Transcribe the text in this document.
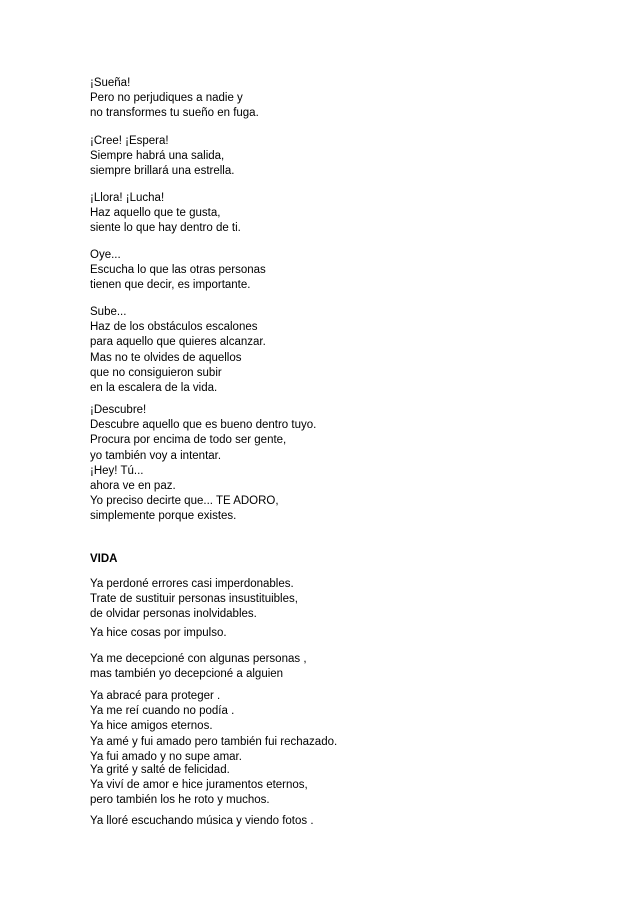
¡Sueña!
Pero no perjudiques a nadie y
no transformes tu sueño en fuga.
¡Cree! ¡Espera!
Siempre habrá una salida,
siempre brillará una estrella.
¡Llora! ¡Lucha!
Haz aquello que te gusta,
siente lo que hay dentro de ti.
Oye...
Escucha lo que las otras personas
tienen que decir, es importante.
Sube...
Haz de los obstáculos escalones
para aquello que quieres alcanzar.
Mas no te olvides de aquellos
que no consiguieron subir
en la escalera de la vida.
¡Descubre!
Descubre aquello que es bueno dentro tuyo.
Procura por encima de todo ser gente,
yo también voy a intentar.
¡Hey! Tú...
ahora ve en paz.
Yo preciso decirte que... TE ADORO,
simplemente porque existes.
VIDA
Ya perdoné errores casi imperdonables.
Trate de sustituir personas insustituibles,
de olvidar personas inolvidables.
Ya hice cosas por impulso.
Ya me decepcioné con algunas personas ,
mas también yo decepcioné a alguien
Ya abracé para proteger .
Ya me reí cuando no podía .
Ya hice amigos eternos.
Ya amé y fui amado pero también fui rechazado.
Ya fui amado y no supe amar.
Ya grité y salté de felicidad.
Ya viví de amor e hice juramentos eternos,
pero también los he roto y muchos.
Ya lloré escuchando música y viendo fotos .
